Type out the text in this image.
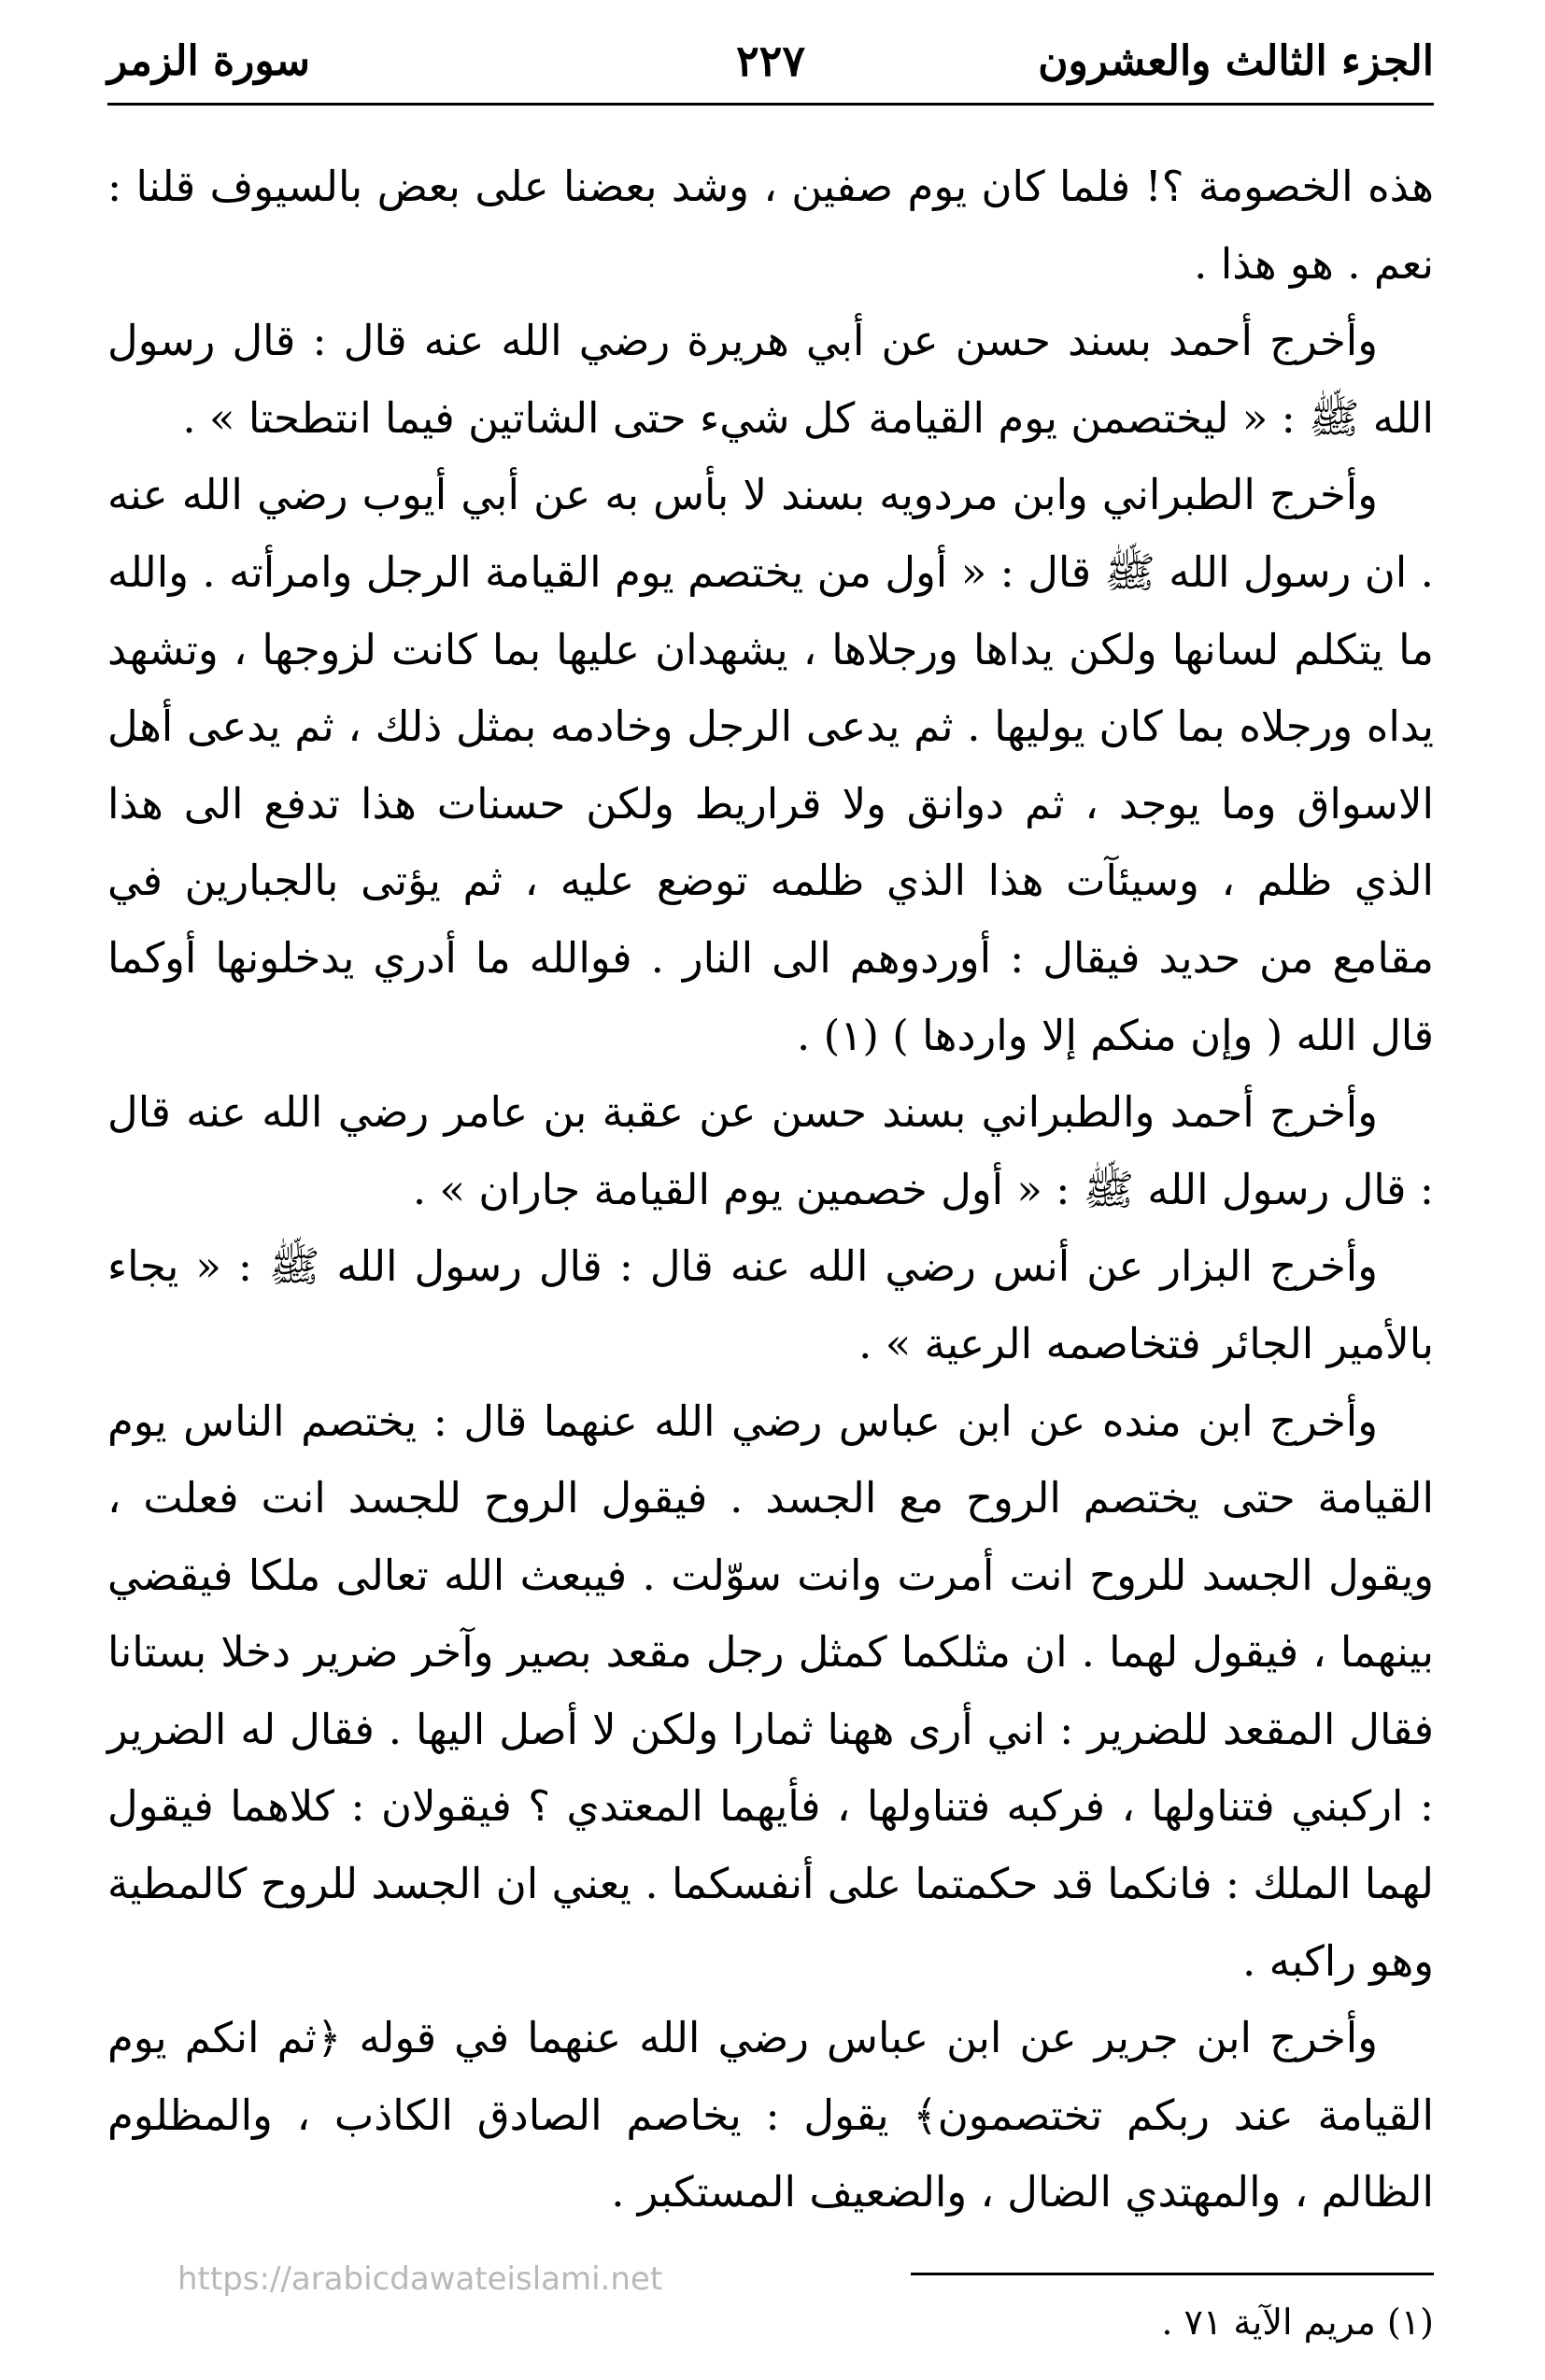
الجزء الثالث والعشرون
٢٢٧
سورة الزمر

هذه الخصومة ؟! فلما كان يوم صفين ، وشد بعضنا على بعض بالسيوف قلنا : نعم . هو هذا .

وأخرج أحمد بسند حسن عن أبي هريرة رضي الله عنه قال : قال رسول الله ﷺ : « ليختصمن يوم القيامة كل شيء حتى الشاتين فيما انتطحتا » .

وأخرج الطبراني وابن مردويه بسند لا بأس به عن أبي أيوب رضي الله عنه . ان رسول الله ﷺ قال : « أول من يختصم يوم القيامة الرجل وامرأته . والله ما يتكلم لسانها ولكن يداها ورجلاها ، يشهدان عليها بما كانت لزوجها ، وتشهد يداه ورجلاه بما كان يوليها . ثم يدعى الرجل وخادمه بمثل ذلك ، ثم يدعى أهل الاسواق وما يوجد ، ثم دوانق ولا قراريط ولكن حسنات هذا تدفع الى هذا الذي ظلم ، وسيئآت هذا الذي ظلمه توضع عليه ، ثم يؤتى بالجبارين في مقامع من حديد فيقال : أوردوهم الى النار . فوالله ما أدري يدخلونها أوكما قال الله ( وإن منكم إلا واردها ) (١) .

وأخرج أحمد والطبراني بسند حسن عن عقبة بن عامر رضي الله عنه قال : قال رسول الله ﷺ : « أول خصمين يوم القيامة جاران » .

وأخرج البزار عن أنس رضي الله عنه قال : قال رسول الله ﷺ : « يجاء بالأمير الجائر فتخاصمه الرعية » .

وأخرج ابن منده عن ابن عباس رضي الله عنهما قال : يختصم الناس يوم القيامة حتى يختصم الروح مع الجسد . فيقول الروح للجسد انت فعلت ، ويقول الجسد للروح انت أمرت وانت سوّلت . فيبعث الله تعالى ملكا فيقضي بينهما ، فيقول لهما . ان مثلكما كمثل رجل مقعد بصير وآخر ضرير دخلا بستانا فقال المقعد للضرير : اني أرى ههنا ثمارا ولكن لا أصل اليها . فقال له الضرير : اركبني فتناولها ، فركبه فتناولها ، فأيهما المعتدي ؟ فيقولان : كلاهما فيقول لهما الملك : فانكما قد حكمتما على أنفسكما . يعني ان الجسد للروح كالمطية وهو راكبه .

وأخرج ابن جرير عن ابن عباس رضي الله عنهما في قوله ﴿ثم انكم يوم القيامة عند ربكم تختصمون﴾ يقول : يخاصم الصادق الكاذب ، والمظلوم الظالم ، والمهتدي الضال ، والضعيف المستكبر .

(١) مريم الآية ٧١ .
https://arabicdawateislami.net
